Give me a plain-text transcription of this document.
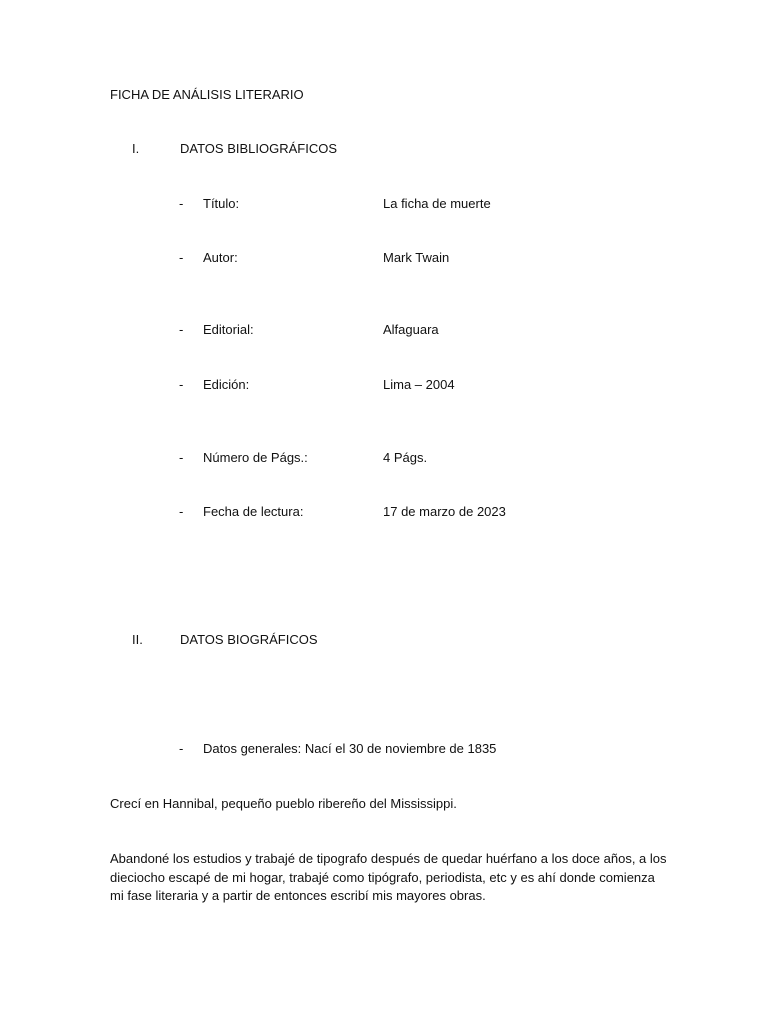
FICHA DE ANÁLISIS LITERARIO
I.	DATOS BIBLIOGRÁFICOS
- Título:	La ficha de muerte
- Autor:	Mark Twain
- Editorial:	Alfaguara
- Edición:	Lima – 2004
- Número de Págs.:	4 Págs.
- Fecha de lectura:	17 de marzo de 2023
II.	DATOS BIOGRÁFICOS
- Datos generales: Nací el 30 de noviembre de 1835
Crecí en Hannibal, pequeño pueblo ribereño del Mississippi.
Abandoné los estudios y trabajé de tipografo después de quedar huérfano a los doce años, a los dieciocho escapé de mi hogar, trabajé como tipógrafo, periodista, etc y es ahí donde comienza mi fase literaria y a partir de entonces escribí mis mayores obras.
